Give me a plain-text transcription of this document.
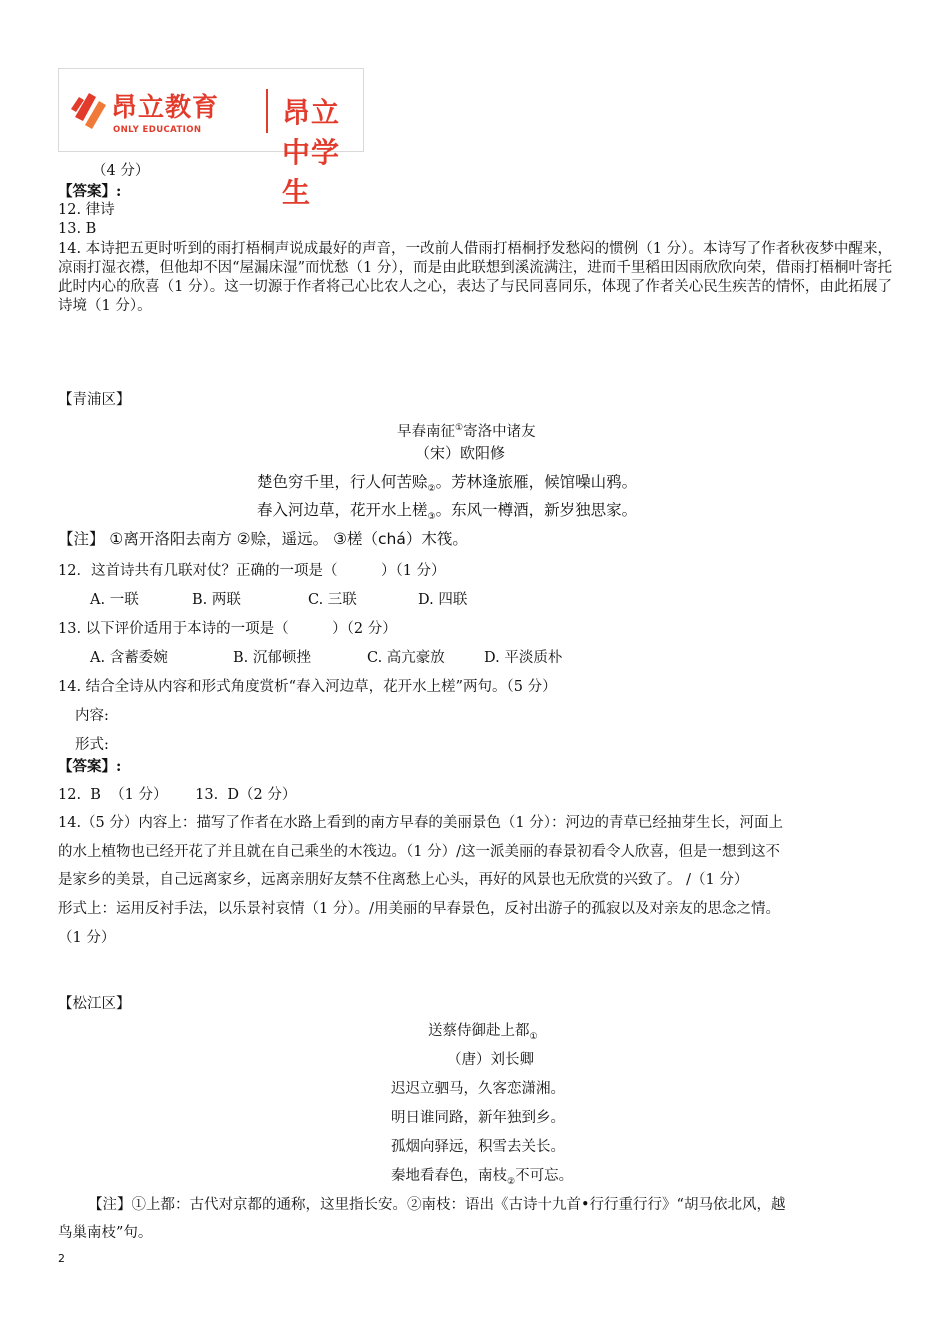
昂立教育
ONLY EDUCATION
昂立中学生
（4 分）
【答案】:
12. 律诗
13. B
14. 本诗把五更时听到的雨打梧桐声说成最好的声音，一改前人借雨打梧桐抒发愁闷的惯例（1 分）。本诗写了作者秋夜梦中醒来，凉雨打湿衣襟，但他却不因“屋漏床湿”而忧愁（1 分），而是由此联想到溪流满注，进而千里稻田因雨欣欣向荣，借雨打梧桐叶寄托此时内心的欣喜（1 分）。这一切源于作者将己心比农人之心，表达了与民同喜同乐，体现了作者关心民生疾苦的情怀，由此拓展了诗境（1 分）。
【青浦区】
早春南征①寄洛中诸友
（宋）欧阳修
楚色穷千里，行人何苦赊$_②$。芳林逢旅雁，候馆噪山鸦。
春入河边草，花开水上槎$_③$。东风一樽酒，新岁独思家。
【注】 ①离开洛阳去南方 ②赊，遥远。 ③槎（chá）木筏。
12．这首诗共有几联对仗？正确的一项是（　　　）（1 分）
A. 一联	B. 两联	C. 三联	D. 四联
13. 以下评价适用于本诗的一项是（　　　）（2 分）
A. 含蓄委婉	B. 沉郁顿挫	C. 高亢豪放	D. 平淡质朴
14. 结合全诗从内容和形式角度赏析“春入河边草，花开水上槎”两句。（5 分）
内容:
形式:
【答案】:
12.  B  （1 分）      13.  D（2 分）
14.（5 分）内容上：描写了作者在水路上看到的南方早春的美丽景色（1 分）：河边的青草已经抽芽生长，河面上
的水上植物也已经开花了并且就在自己乘坐的木筏边。（1 分）/这一派美丽的春景初看令人欣喜，但是一想到这不
是家乡的美景，自己远离家乡，远离亲朋好友禁不住离愁上心头，再好的风景也无欣赏的兴致了。 /（1 分）
形式上：运用反衬手法，以乐景衬哀情（1 分）。/用美丽的早春景色，反衬出游子的孤寂以及对亲友的思念之情。
（1 分）
【松江区】
送蔡侍御赴上都$_①$
（唐）刘长卿
迟迟立驷马，久客恋潇湘。
明日谁同路，新年独到乡。
孤烟向驿远，积雪去关长。
秦地看春色，南枝$_②$不可忘。
【注】①上都：古代对京都的通称，这里指长安。②南枝：语出《古诗十九首•行行重行行》“胡马依北风，越
鸟巢南枝”句。
2
